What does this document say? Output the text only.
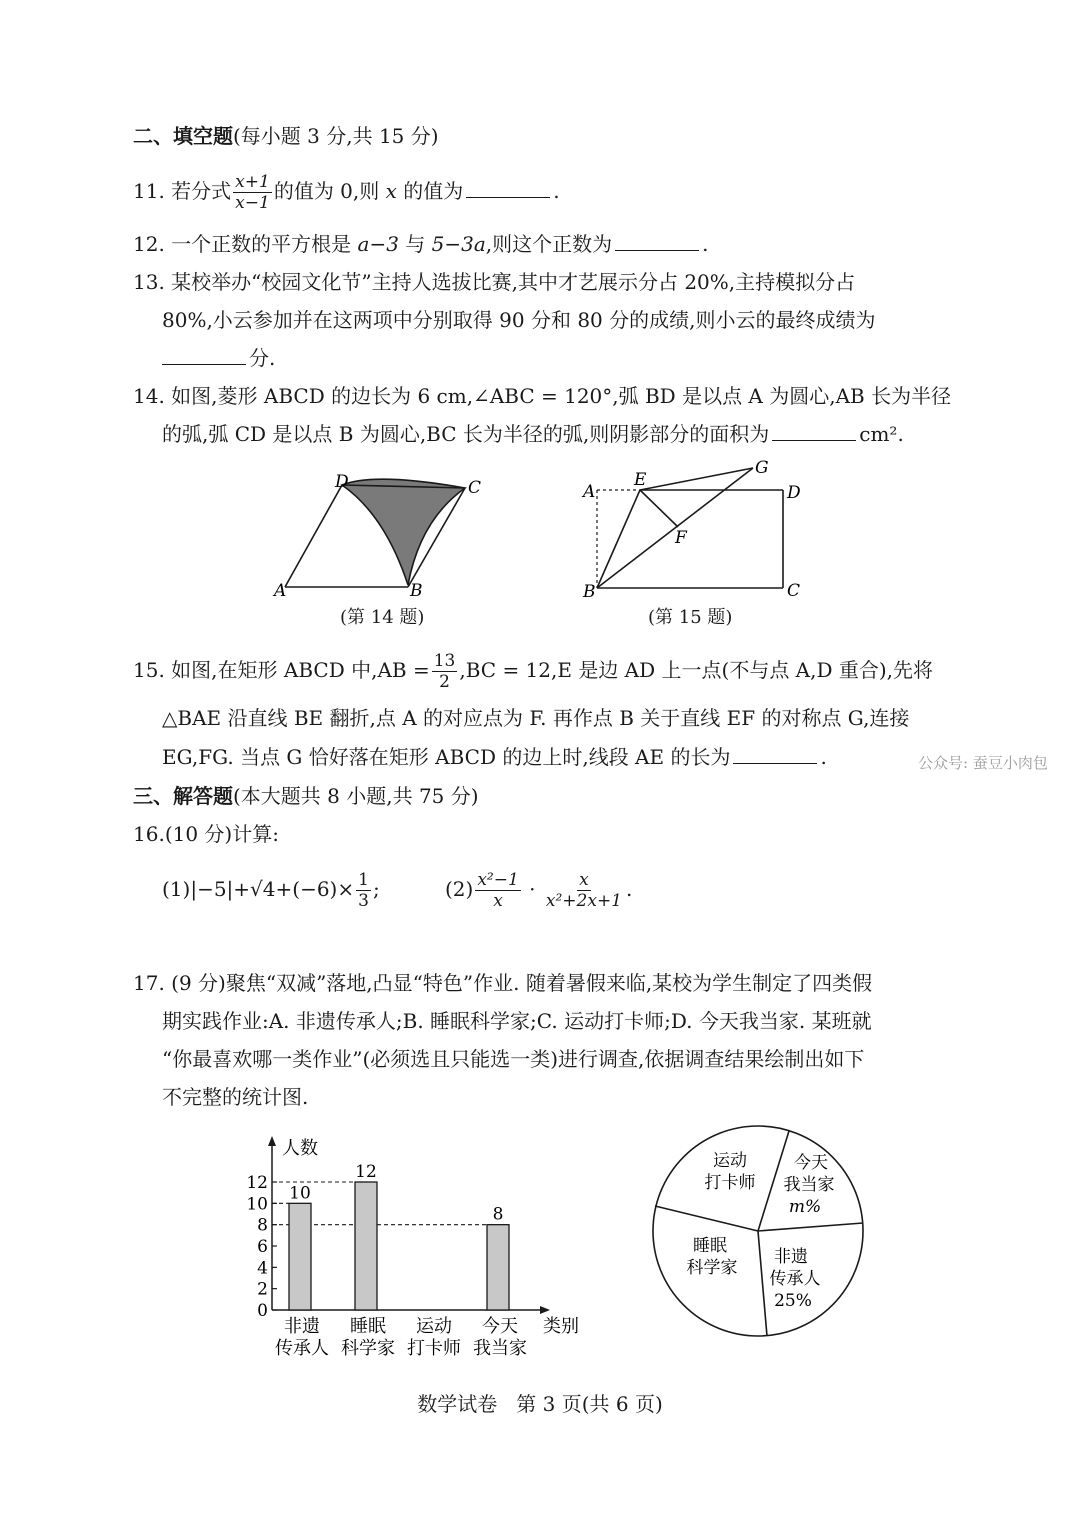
二、填空题(每小题 3 分,共 15 分)
11. 若分式 $\frac{x+1}{x-1}$ 的值为 0,则 x 的值为	.
12. 一个正数的平方根是 a−3 与 5−3a,则这个正数为	.
13. 某校举办“校园文化节”主持人选拔比赛,其中才艺展示分占 20%,主持模拟分占
80%,小云参加并在这两项中分别取得 90 分和 80 分的成绩,则小云的最终成绩为
分.
14. 如图,菱形 ABCD 的边长为 6 cm,∠ABC = 120°,弧 BD 是以点 A 为圆心,AB 长为半径
的弧,弧 CD 是以点 B 为圆心,BC 长为半径的弧,则阴影部分的面积为	cm².
D	C
A	B
(第 14 题)
A
E
G
D
F
B	C
(第 15 题)
15. 如图,在矩形 ABCD 中$,AB = \frac{13}{2} ,BC = 12,E$ 是边 AD 上一点(不与点 A,D 重合),先将
△BAE 沿直线 BE 翻折,点 A 的对应点为 F. 再作点 B 关于直线 EF 的对称点 G,连接
EG,FG. 当点 G 恰好落在矩形 ABCD 的边上时,线段 AE 的长为	.	公众号: 蚕豆小肉包
三、解答题(本大题共 8 小题,共 75 分)
16.(10 分)计算:
$(1)|-5|+√4+(-6)\times \frac{1}{3}$ ;	$(2) \frac{\text{x²−1}}{x} \cdot \frac{x}{\text{x²+2x+1}}$ .
17. (9 分)聚焦“双减”落地,凸显“特色”作业. 随着暑假来临,某校为学生制定了四类假
期实践作业:A. 非遗传承人;B. 睡眠科学家;C. 运动打卡师;D. 今天我当家. 某班就
“你最喜欢哪一类作业”(必须选且只能选一类)进行调查,依据调查结果绘制出如下
不完整的统计图.
0
2
4
6
8
10
12
10
12
8
人数
类别
非遗
传承人
睡眠
科学家
运动
打卡师
今天
我当家
运动
打卡师
今天
我当家
m%
非遗
传承人
25%
睡眠
科学家
数学试卷   第 3 页(共 6 页)
